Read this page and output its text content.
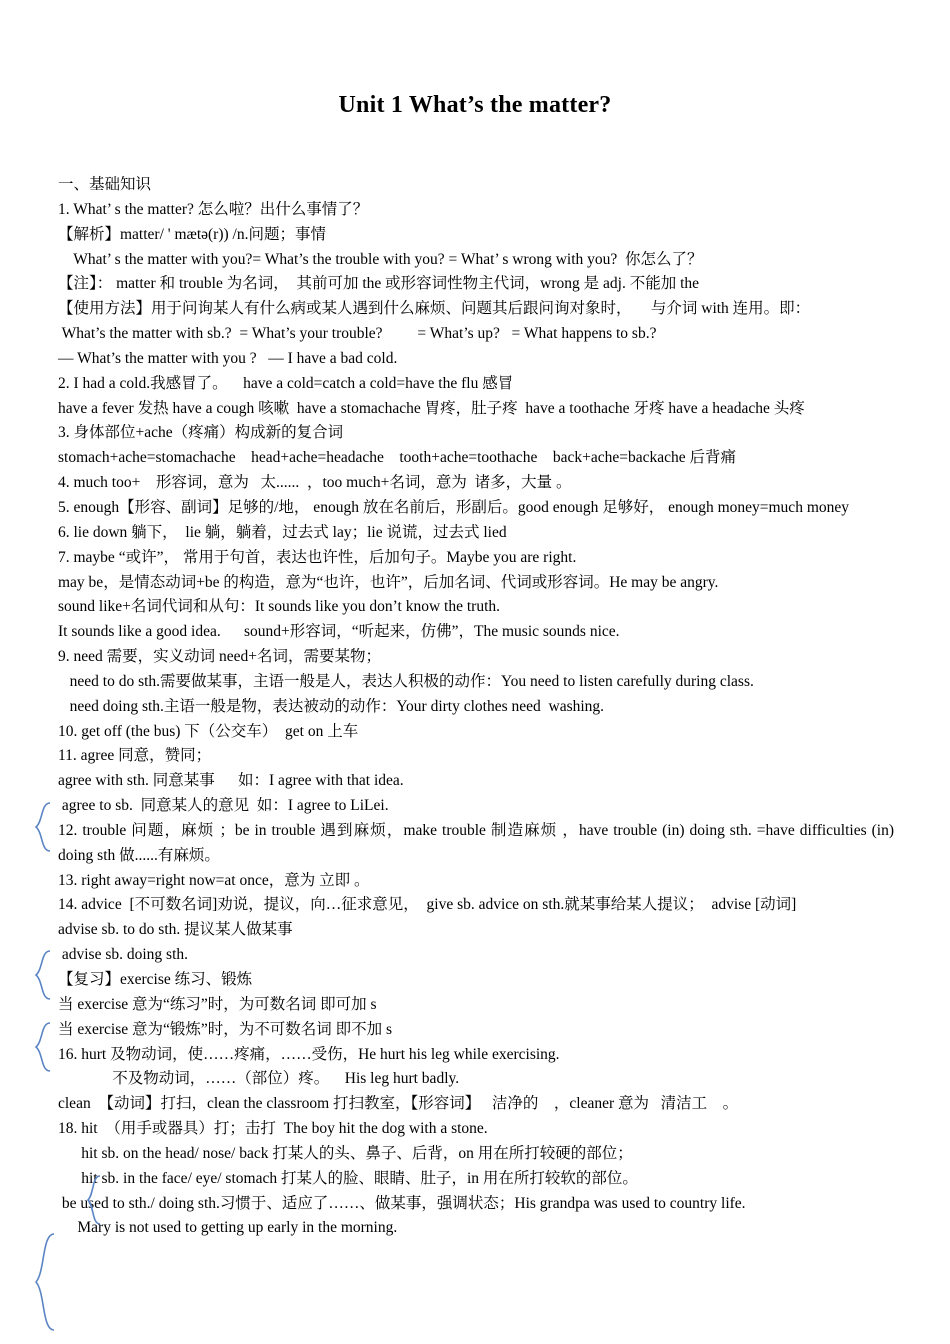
Unit 1 What’s the matter?
一、基础知识
1. What’ s the matter? 怎么啦？出什么事情了？
【解析】matter/ ' mætə(r)) /n.问题；事情
What’ s the matter with you?= What’s the trouble with you? = What’ s wrong with you?  你怎么了？
【注】： matter 和 trouble 为名词，  其前可加 the 或形容词性物主代词，wrong 是 adj. 不能加 the
【使用方法】用于问询某人有什么病或某人遇到什么麻烦、问题其后跟问询对象时，     与介词 with 连用。即：
What’s the matter with sb.?  = What’s your trouble?         = What’s up?   = What happens to sb.?
— What’s the matter with you ?   — I have a bad cold.
2. I had a cold.我感冒了。    have a cold=catch a cold=have the flu 感冒
have a fever 发热 have a cough 咳嗽  have a stomachache 胃疼，肚子疼  have a toothache 牙疼 have a headache 头疼
3. 身体部位+ache（疼痛）构成新的复合词
stomach+ache=stomachache    head+ache=headache    tooth+ache=toothache    back+ache=backache 后背痛
4. much too+    形容词，意为   太......  ，too much+名词，意为  诸多，大量 。
5. enough【形容、副词】足够的/地， enough 放在名前后，形副后。good enough 足够好， enough money=much money
6. lie down 躺下，  lie 躺，躺着，过去式 lay；lie 说谎，过去式 lied
7. maybe “或许”， 常用于句首，表达也许性，后加句子。Maybe you are right.
may be，是情态动词+be 的构造，意为“也许，也许”，后加名词、代词或形容词。He may be angry.
sound like+名词代词和从句：It sounds like you don’t know the truth.
It sounds like a good idea.      sound+形容词，“听起来，仿佛”，The music sounds nice.
9. need 需要，实义动词 need+名词，需要某物；
need to do sth.需要做某事，主语一般是人，表达人积极的动作：You need to listen carefully during class.
need doing sth.主语一般是物，表达被动的动作：Your dirty clothes need  washing.
10. get off (the bus) 下（公交车）  get on 上车
11. agree 同意，赞同；
agree with sth. 同意某事      如：I agree with that idea.
agree to sb.  同意某人的意见  如：I agree to LiLei.
12. trouble 问题，麻烦 ；be in trouble 遇到麻烦，make trouble 制造麻烦 ，have trouble (in) doing sth. =have difficulties (in) doing sth 做......有麻烦。
13. right away=right now=at once，意为 立即 。
14. advice  [不可数名词]劝说，提议，向…征求意见，  give sb. advice on sth.就某事给某人提议；  advise [动词]
advise sb. to do sth. 提议某人做某事
advise sb. doing sth.
【复习】exercise 练习、锻炼
当 exercise 意为“练习”时，为可数名词 即可加 s
当 exercise 意为“锻炼”时，为不可数名词 即不加 s
16. hurt 及物动词，使……疼痛，……受伤，He hurt his leg while exercising.
不及物动词，……（部位）疼。    His leg hurt badly.
clean  【动词】打扫，clean the classroom 打扫教室，【形容词】   洁净的    ，cleaner 意为   清洁工    。
18. hit  （用手或器具）打；击打  The boy hit the dog with a stone.
hit sb. on the head/ nose/ back 打某人的头、鼻子、后背，on 用在所打较硬的部位；
hit sb. in the face/ eye/ stomach 打某人的脸、眼睛、肚子，in 用在所打较软的部位。
be used to sth./ doing sth.习惯于、适应了……、做某事，强调状态；His grandpa was used to country life.
Mary is not used to getting up early in the morning.
